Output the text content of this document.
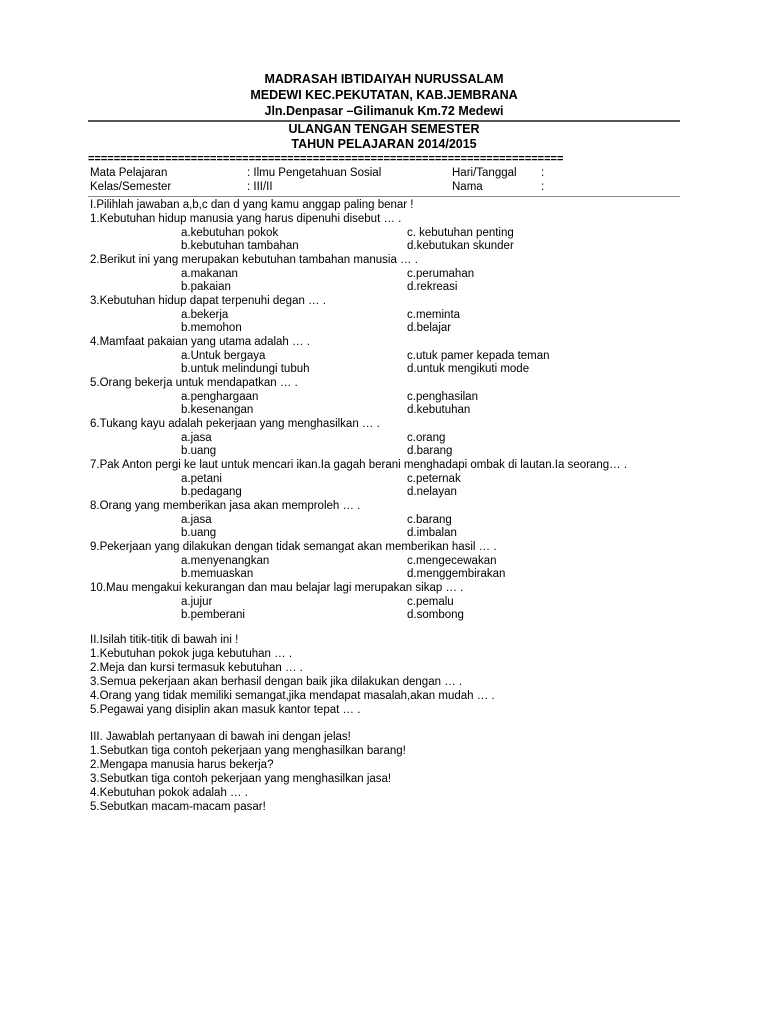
MADRASAH IBTIDAIYAH NURUSSALAM
MEDEWI KEC.PEKUTATAN, KAB.JEMBRANA
Jln.Denpasar –Gilimanuk Km.72 Medewi
ULANGAN TENGAH SEMESTER
TAHUN PELAJARAN 2014/2015
==========================================================================
Mata Pelajaran	: Ilmu Pengetahuan Sosial	Hari/Tanggal :
Kelas/Semester	: III/II	Nama	:
I.Pilihlah jawaban a,b,c dan d yang kamu anggap paling benar !
1.Kebutuhan hidup manusia yang harus dipenuhi disebut … .
a.kebutuhan pokok	c. kebutuhan penting
b.kebutuhan tambahan	d.kebutukan skunder
2.Berikut ini yang merupakan kebutuhan tambahan manusia … .
a.makanan	c.perumahan
b.pakaian	d.rekreasi
3.Kebutuhan hidup dapat terpenuhi degan … .
a.bekerja	c.meminta
b.memohon	d.belajar
4.Mamfaat pakaian yang utama adalah … .
a.Untuk bergaya	c.utuk pamer kepada teman
b.untuk melindungi tubuh	d.untuk mengikuti mode
5.Orang bekerja untuk mendapatkan … .
a.penghargaan	c.penghasilan
b.kesenangan	d.kebutuhan
6.Tukang kayu adalah pekerjaan yang menghasilkan … .
a.jasa	c.orang
b.uang	d.barang
7.Pak Anton pergi ke laut untuk mencari ikan.Ia gagah berani menghadapi ombak di lautan.Ia seorang… .
a.petani	c.peternak
b.pedagang	d.nelayan
8.Orang yang memberikan jasa akan memproleh … .
a.jasa	c.barang
b.uang	d.imbalan
9.Pekerjaan yang dilakukan dengan tidak semangat akan memberikan hasil … .
a.menyenangkan	c.mengecewakan
b.memuaskan	d.menggembirakan
10.Mau mengakui kekurangan dan mau belajar lagi merupakan sikap … .
a.jujur	c.pemalu
b.pemberani	d.sombong
II.Isilah titik-titik di bawah ini !
1.Kebutuhan pokok juga kebutuhan … .
2.Meja dan kursi termasuk kebutuhan … .
3.Semua pekerjaan akan berhasil dengan baik jika dilakukan dengan … .
4.Orang yang tidak memiliki semangat,jika mendapat masalah,akan mudah … .
5.Pegawai yang disiplin akan masuk kantor tepat … .
III. Jawablah pertanyaan di bawah ini dengan jelas!
1.Sebutkan tiga contoh pekerjaan yang menghasilkan barang!
2.Mengapa manusia harus bekerja?
3.Sebutkan tiga contoh pekerjaan yang menghasilkan jasa!
4.Kebutuhan pokok adalah … .
5.Sebutkan macam-macam pasar!
